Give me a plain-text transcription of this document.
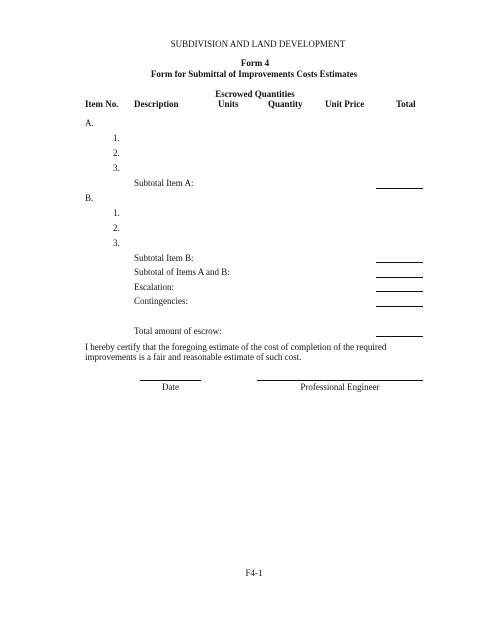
SUBDIVISION AND LAND DEVELOPMENT
Form 4
Form for Submittal of Improvements Costs Estimates
Escrowed Quantities
Item No. Description	Units	Quantity Unit Price	Total
A.
1.
2.
3.
Subtotal Item A:
B.
1.
2.
3.
Subtotal Item B:
Subtotal of Items A and B:
Escalation:
Contingencies:
Total amount of escrow:
I hereby certify that the foregoing estimate of the cost of completion of the required
improvements is a fair and reasonable estimate of such cost.
Date	Professional Engineer
F4-1
